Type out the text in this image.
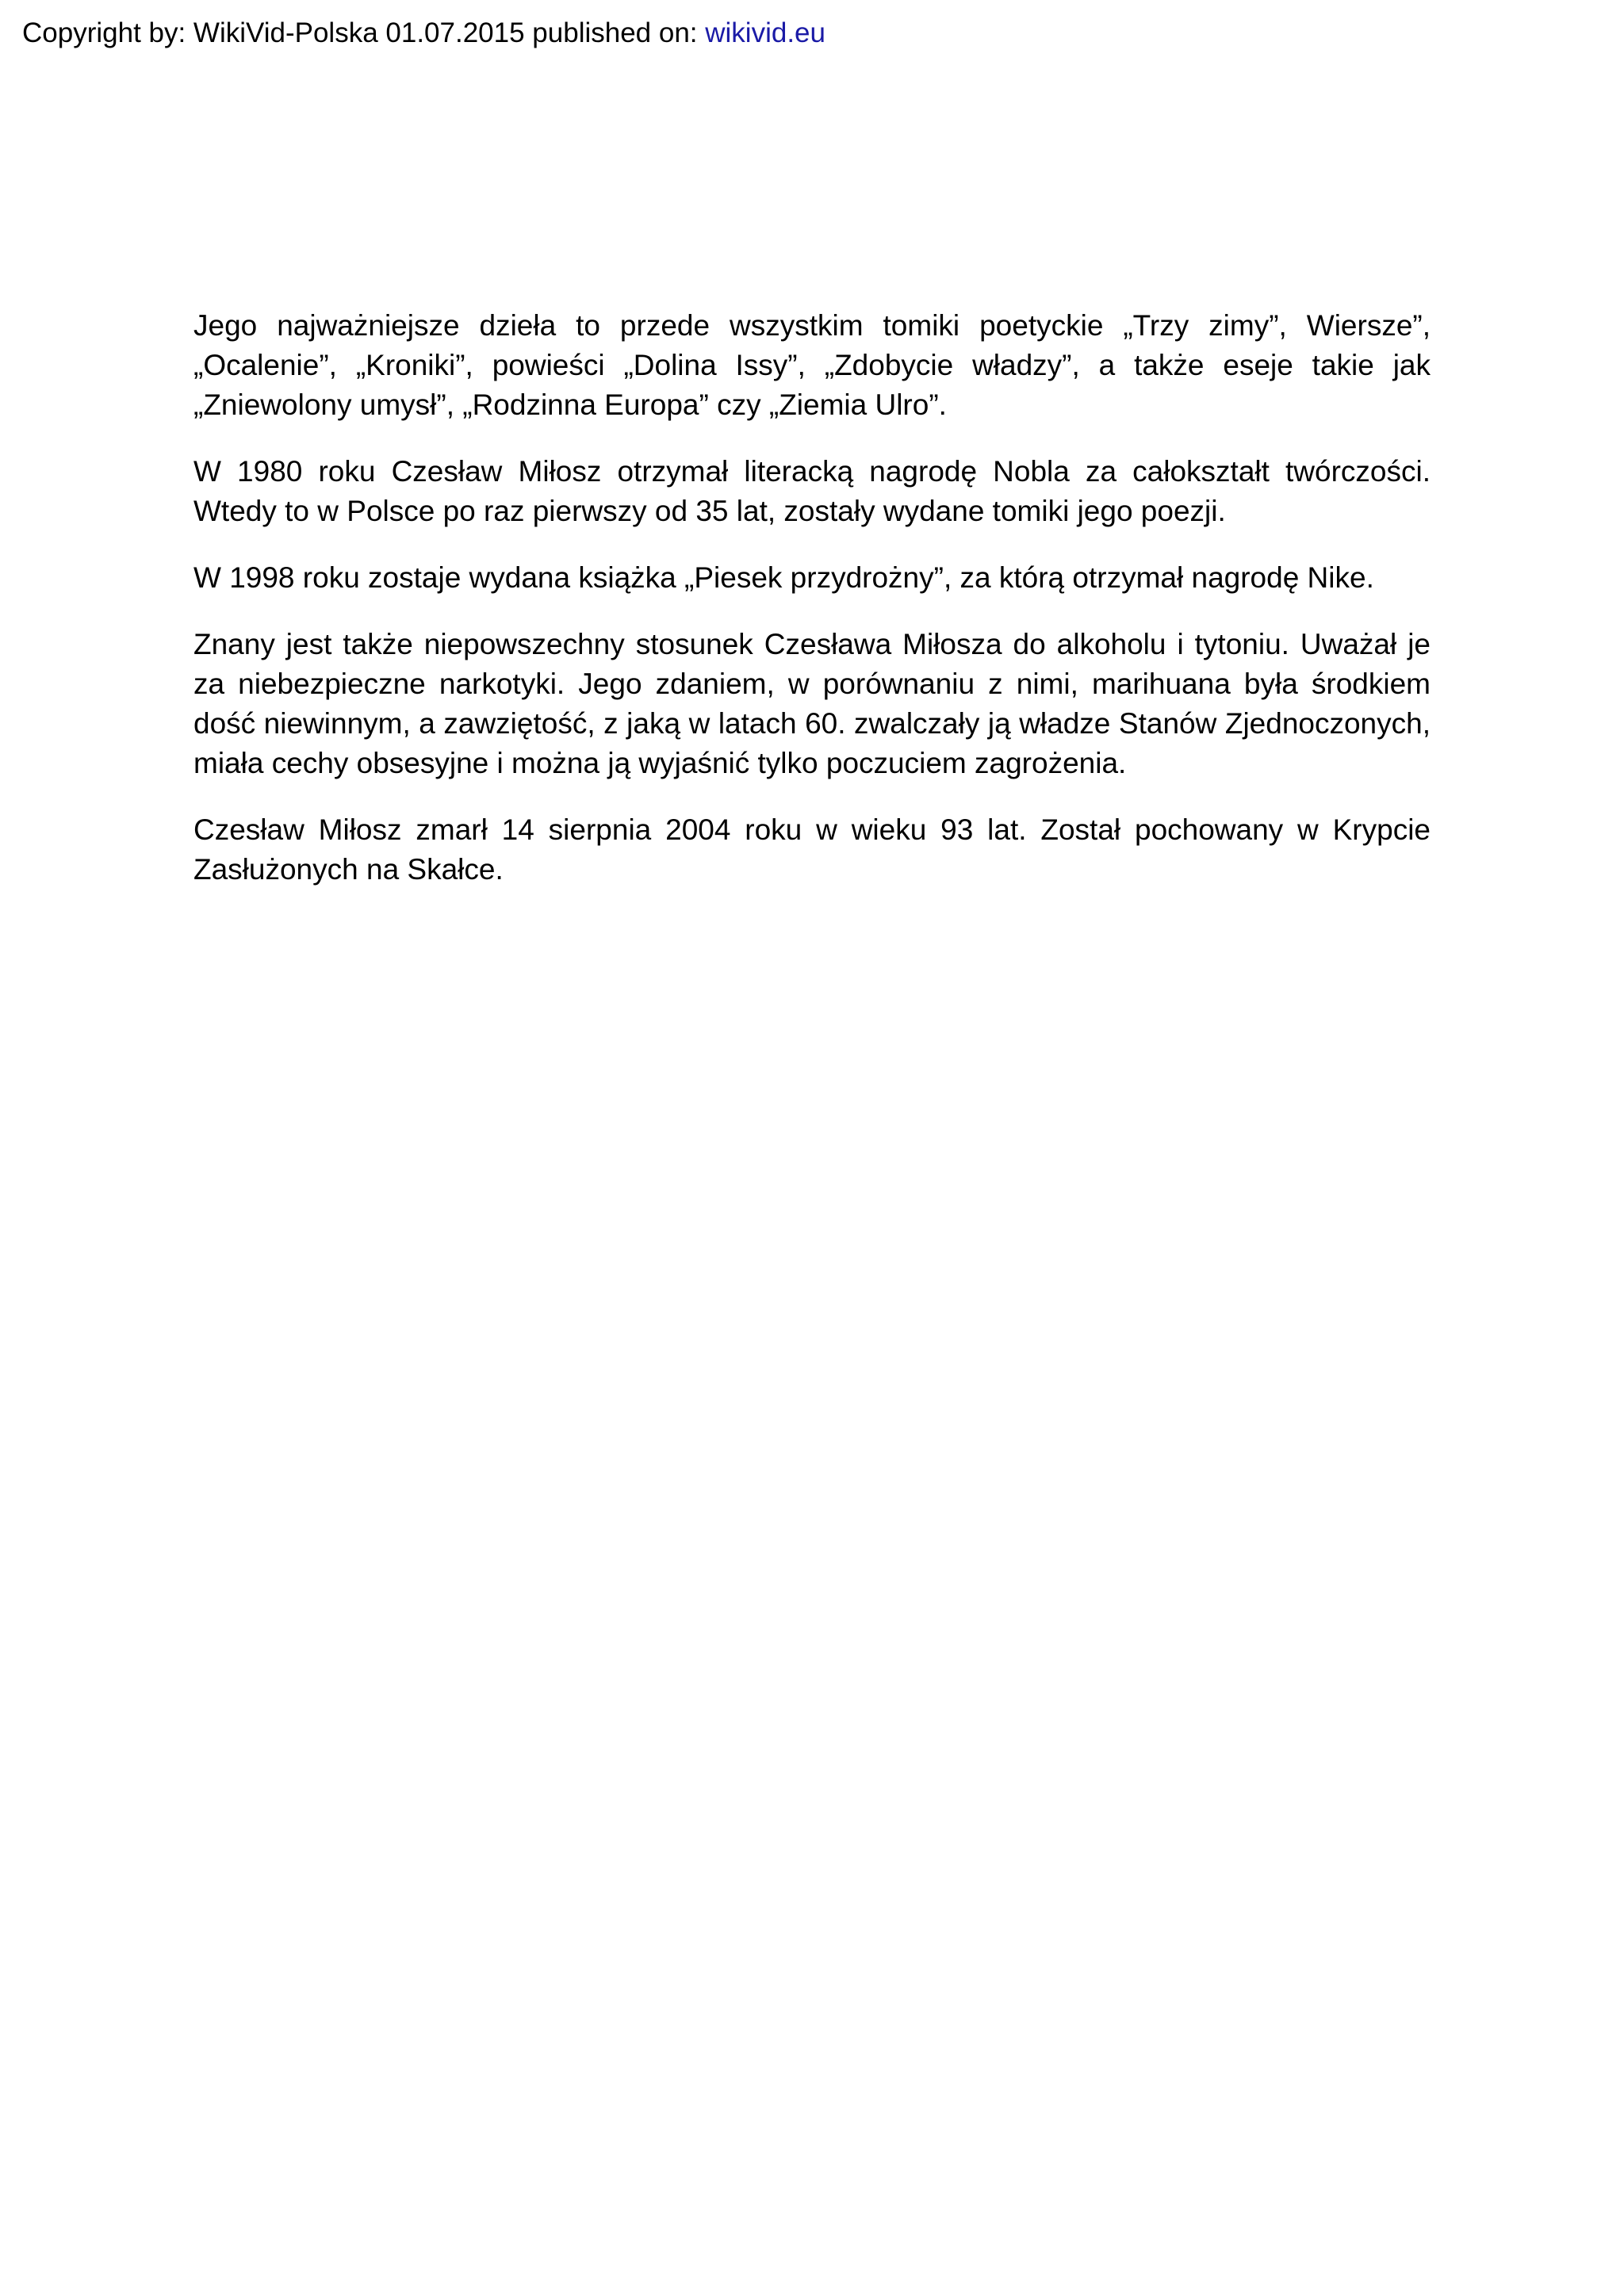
Copyright by: WikiVid-Polska 01.07.2015 published on: wikivid.eu

Jego najważniejsze dzieła to przede wszystkim tomiki poetyckie „Trzy zimy”, Wiersze”, „Ocalenie”, „Kroniki”, powieści „Dolina Issy”, „Zdobycie władzy”, a także eseje takie jak „Zniewolony umysł”, „Rodzinna Europa” czy „Ziemia Ulro”.

W 1980 roku Czesław Miłosz otrzymał literacką nagrodę Nobla za całokształt twórczości. Wtedy to w Polsce po raz pierwszy od 35 lat, zostały wydane tomiki jego poezji.

W 1998 roku zostaje wydana książka „Piesek przydrożny”, za którą otrzymał nagrodę Nike.

Znany jest także niepowszechny stosunek Czesława Miłosza do alkoholu i tytoniu. Uważał je za niebezpieczne narkotyki. Jego zdaniem, w porównaniu z nimi, marihuana była środkiem dość niewinnym, a zawziętość, z jaką w latach 60. zwalczały ją władze Stanów Zjednoczonych, miała cechy obsesyjne i można ją wyjaśnić tylko poczuciem zagrożenia.

Czesław Miłosz zmarł 14 sierpnia 2004 roku w wieku 93 lat. Został pochowany w Krypcie Zasłużonych na Skałce.
